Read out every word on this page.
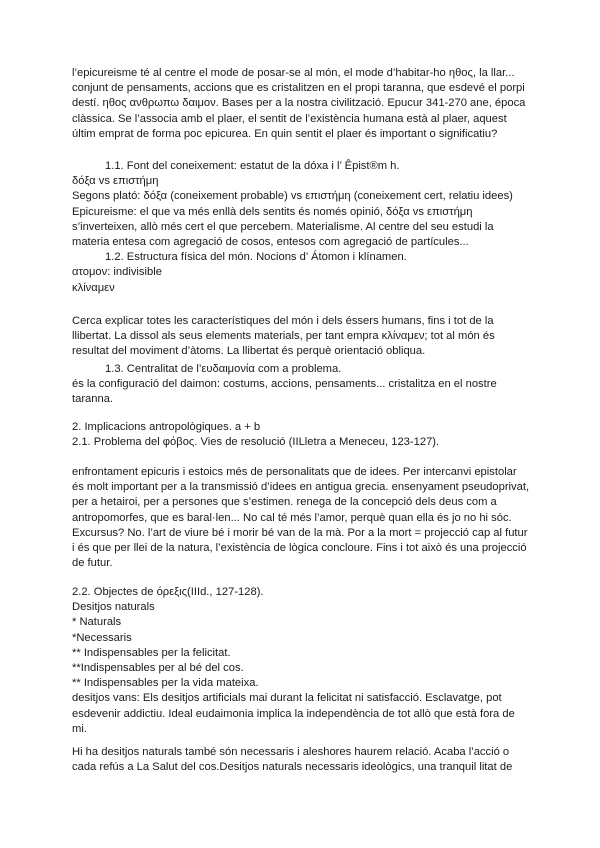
l’epicureisme té al centre el mode de posar-se al món, el mode d’habitar-ho ηθος, la llar...

conjunt de pensaments, accions que es cristalitzen en el propi taranna, que esdevé el porpi

destí. ηθος ανθρωπω δαιμον. Bases per a la nostra civilització. Epucur 341-270 ane, época

clàssica. Se l’associa amb el plaer, el sentit de l’existència humana està al plaer, aquest

últim emprat de forma poc epicurea. En quin sentit el plaer és important o significatiu?

1.1. Font del coneixement: estatut de la dóxa i l’ Êpist®m h.

δόξα vs επιστήμη

Segons plató: δόξα (coneixement probable) vs επιστήμη (coneixement cert, relatiu idees)

Epicureisme: el que va més enllà dels sentits és només opinió, δόξα vs επιστήμη

s’inverteixen, allò més cert el que percebem. Materialisme. Al centre del seu estudi la

materia entesa com agregació de cosos, entesos com agregació de partícules...

1.2. Estructura física del món. Nocions d’ Átomon i klínamen.

ατομον: indivisible

κλίναμεν

Cerca explicar totes les característiques del món i dels éssers humans, fins i tot de la

llibertat. La dissol als seus elements materials, per tant empra κλίναμεν; tot al món és

resultat del moviment d’àtoms. La llibertat és perquè orientació obliqua.

1.3. Centralitat de l’ευδαιμονία com a problema.

és la configuració del daimon: costums, accions, pensaments... cristalitza en el nostre

taranna.

2. Implicacions antropològiques. a + b

2.1. Problema del φόβος. Vies de resolució (IILletra a Meneceu, 123-127).

enfrontament epicuris i estoics més de personalitats que de idees. Per intercanvi epistolar

és molt important per a la transmissió d’idees en antigua grecia. ensenyament pseudoprivat,

per a hetairoi, per a persones que s’estimen. renega de la concepció dels deus com a

antropomorfes, que es baral·len... No cal té més l’amor, perquè quan ella és jo no hi sóc.

Excursus? No. l’art de viure bé i morir bé van de la mà. Por a la mort = projecció cap al futur

i és que per llei de la natura, l’existència de lògica concloure. Fins i tot això és una projecció

de futur.

2.2. Objectes de όρεξις(IIId., 127-128).

Desitjos naturals

* Naturals

*Necessaris

** Indispensables per la felicitat.

**Indispensables per al bé del cos.

** Indispensables per la vida mateixa.

desitjos vans: Els desitjos artificials mai durant la felicitat ni satisfacció. Esclavatge, pot

esdevenir addictiu. Ideal eudaimonia implica la independència de tot allò que està fora de

mi.

Hi ha desitjos naturals també són necessaris i aleshores haurem relació. Acaba l’acció o

cada refús a La Salut del cos.Desitjos naturals necessaris ideològics, una tranquil litat de
